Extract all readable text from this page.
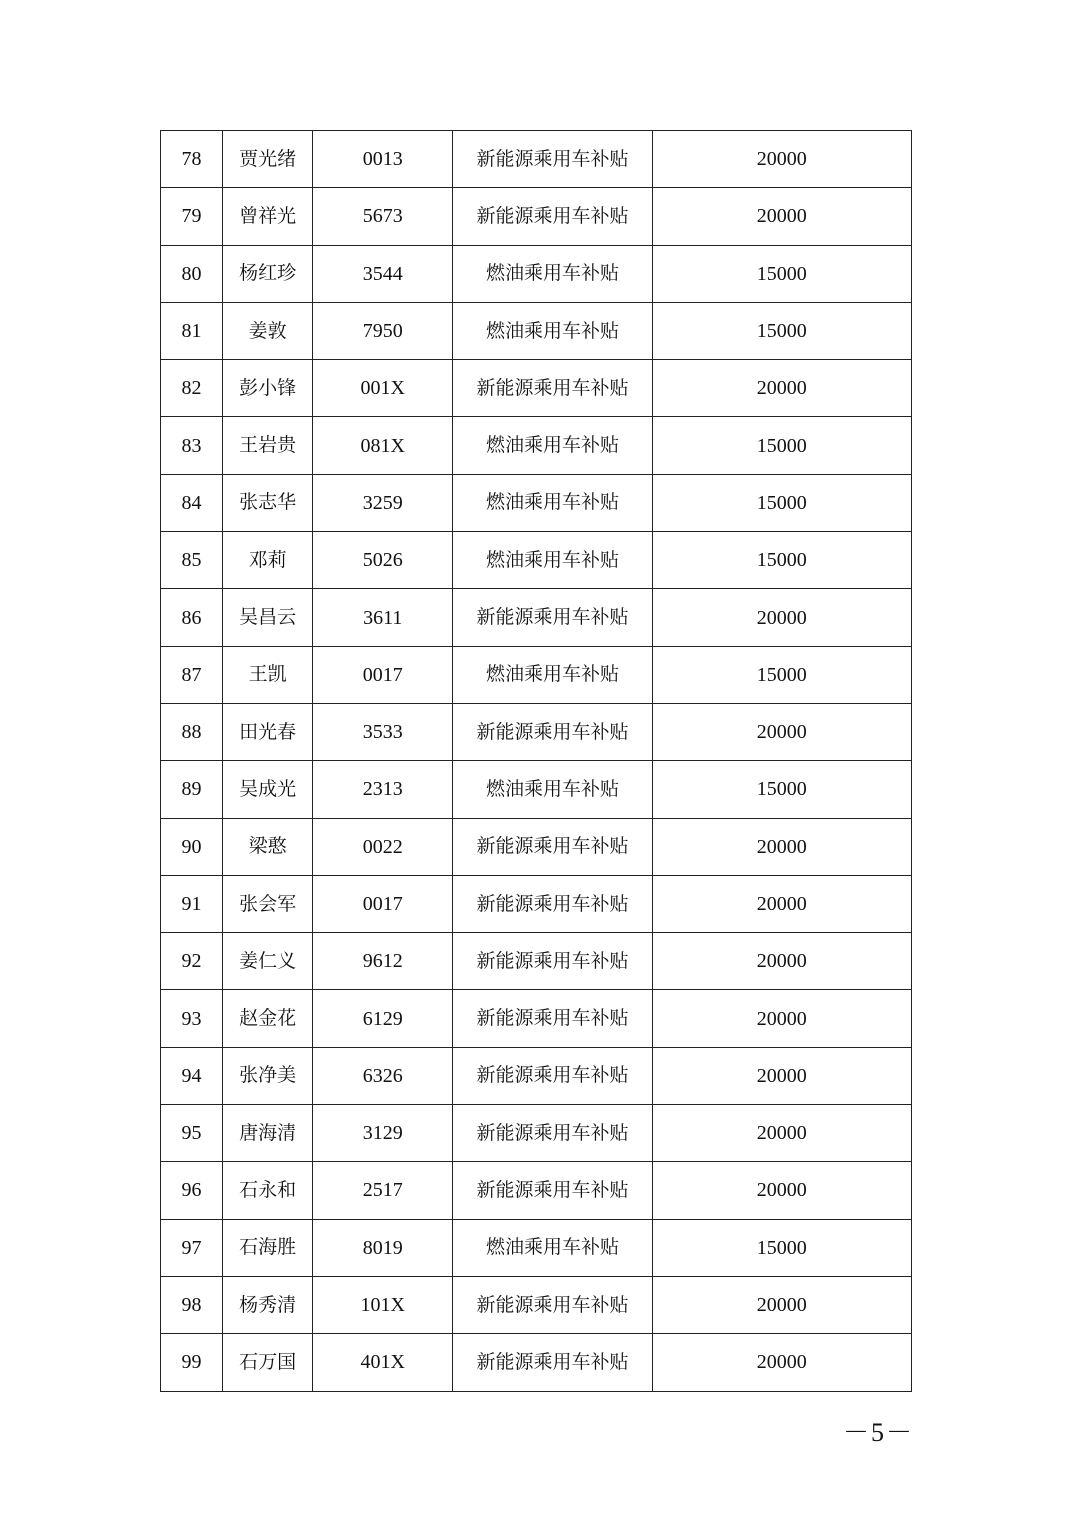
78	贾光绪	0013	新能源乘用车补贴	20000
79	曾祥光	5673	新能源乘用车补贴	20000
80	杨红珍	3544	燃油乘用车补贴	15000
81	姜敦	7950	燃油乘用车补贴	15000
82	彭小锋	001X	新能源乘用车补贴	20000
83	王岩贵	081X	燃油乘用车补贴	15000
84	张志华	3259	燃油乘用车补贴	15000
85	邓莉	5026	燃油乘用车补贴	15000
86	吴昌云	3611	新能源乘用车补贴	20000
87	王凯	0017	燃油乘用车补贴	15000
88	田光春	3533	新能源乘用车补贴	20000
89	吴成光	2313	燃油乘用车补贴	15000
90	梁憨	0022	新能源乘用车补贴	20000
91	张会军	0017	新能源乘用车补贴	20000
92	姜仁义	9612	新能源乘用车补贴	20000
93	赵金花	6129	新能源乘用车补贴	20000
94	张净美	6326	新能源乘用车补贴	20000
95	唐海清	3129	新能源乘用车补贴	20000
96	石永和	2517	新能源乘用车补贴	20000
97	石海胜	8019	燃油乘用车补贴	15000
98	杨秀清	101X	新能源乘用车补贴	20000
99	石万国	401X	新能源乘用车补贴	20000
－5－
